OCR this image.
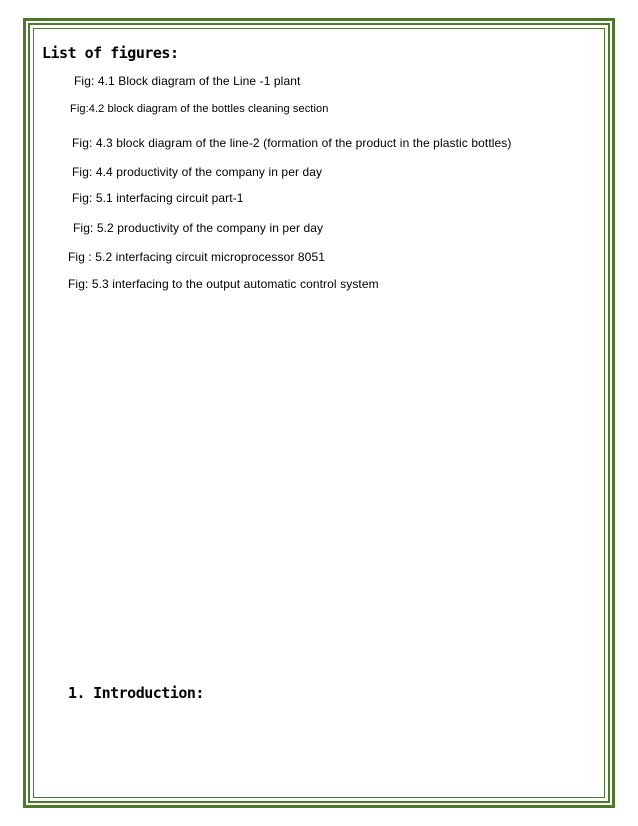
List of figures:
Fig: 4.1 Block diagram of the Line -1 plant
Fig:4.2 block diagram of the bottles cleaning section
Fig: 4.3 block diagram of the line-2 (formation of the product in the plastic bottles)
Fig: 4.4 productivity of the company in per day
Fig: 5.1 interfacing circuit part-1
Fig: 5.2 productivity of the company in per day
Fig : 5.2 interfacing circuit microprocessor 8051
Fig: 5.3 interfacing to the output automatic control system
1. Introduction:
